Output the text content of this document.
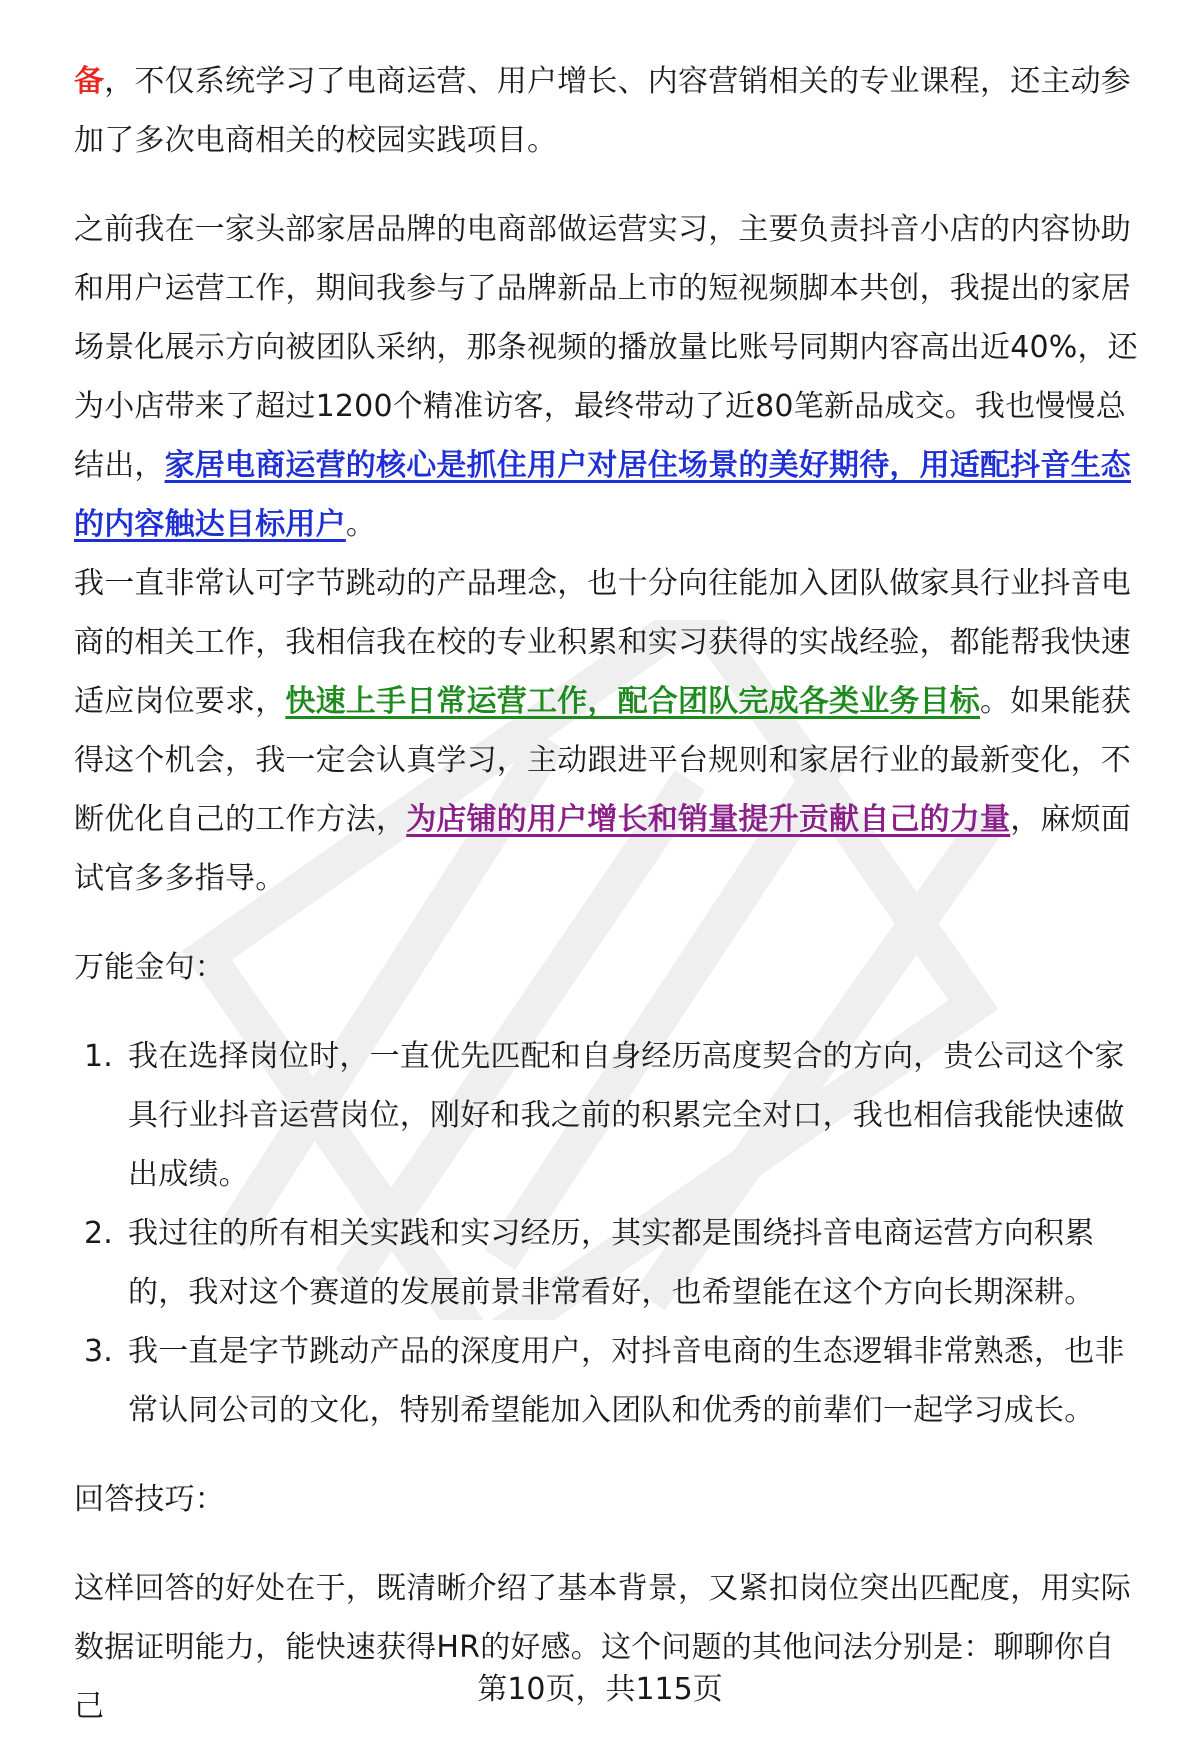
备，不仅系统学习了电商运营、用户增长、内容营销相关的专业课程，还主动参加了多次电商相关的校园实践项目。

之前我在一家头部家居品牌的电商部做运营实习，主要负责抖音小店的内容协助和用户运营工作，期间我参与了品牌新品上市的短视频脚本共创，我提出的家居场景化展示方向被团队采纳，那条视频的播放量比账号同期内容高出近40%，还为小店带来了超过1200个精准访客，最终带动了近80笔新品成交。我也慢慢总结出，家居电商运营的核心是抓住用户对居住场景的美好期待，用适配抖音生态的内容触达目标用户。

我一直非常认可字节跳动的产品理念，也十分向往能加入团队做家具行业抖音电商的相关工作，我相信我在校的专业积累和实习获得的实战经验，都能帮我快速适应岗位要求，快速上手日常运营工作，配合团队完成各类业务目标。如果能获得这个机会，我一定会认真学习，主动跟进平台规则和家居行业的最新变化，不断优化自己的工作方法，为店铺的用户增长和销量提升贡献自己的力量，麻烦面试官多多指导。

万能金句：

1. 我在选择岗位时，一直优先匹配和自身经历高度契合的方向，贵公司这个家具行业抖音运营岗位，刚好和我之前的积累完全对口，我也相信我能快速做出成绩。
2. 我过往的所有相关实践和实习经历，其实都是围绕抖音电商运营方向积累的，我对这个赛道的发展前景非常看好，也希望能在这个方向长期深耕。
3. 我一直是字节跳动产品的深度用户，对抖音电商的生态逻辑非常熟悉，也非常认同公司的文化，特别希望能加入团队和优秀的前辈们一起学习成长。

回答技巧：

这样回答的好处在于，既清晰介绍了基本背景，又紧扣岗位突出匹配度，用实际数据证明能力，能快速获得HR的好感。这个问题的其他问法分别是：聊聊你自己	第10页，共115页
